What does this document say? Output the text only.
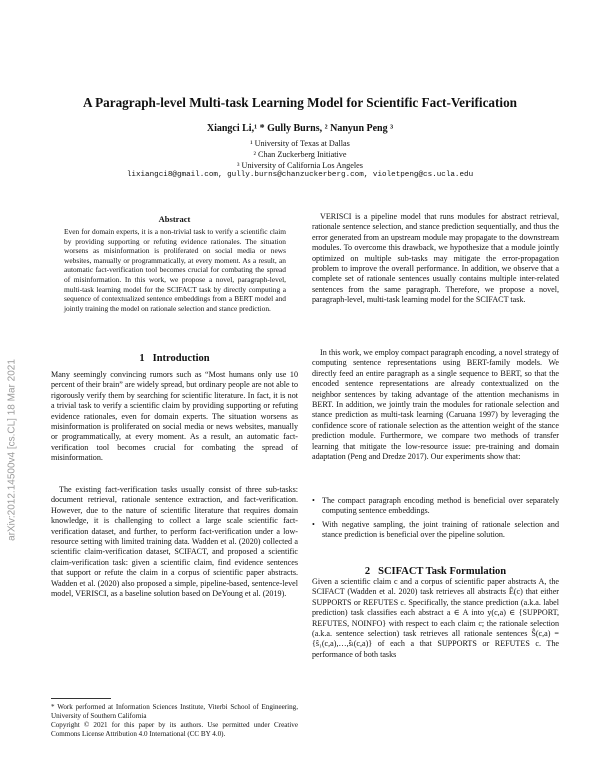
A Paragraph-level Multi-task Learning Model for Scientific Fact-Verification
Xiangci Li,¹ * Gully Burns, ² Nanyun Peng ³
¹ University of Texas at Dallas
² Chan Zuckerberg Initiative
³ University of California Los Angeles
lixiangci8@gmail.com, gully.burns@chanzuckerberg.com, violetpeng@cs.ucla.edu
arXiv:2012.14500v4 [cs.CL] 18 Mar 2021
Abstract

Even for domain experts, it is a non-trivial task to verify a scientific claim by providing supporting or refuting evidence rationales. The situation worsens as misinformation is proliferated on social media or news websites, manually or programmatically, at every moment. As a result, an automatic fact-verification tool becomes crucial for combating the spread of misinformation. In this work, we propose a novel, paragraph-level, multi-task learning model for the SCIFACT task by directly computing a sequence of contextualized sentence embeddings from a BERT model and jointly training the model on rationale selection and stance prediction.

1 Introduction

Many seemingly convincing rumors such as “Most humans only use 10 percent of their brain” are widely spread, but ordinary people are not able to rigorously verify them by searching for scientific literature. In fact, it is not a trivial task to verify a scientific claim by providing supporting or refuting evidence rationales, even for domain experts. The situation worsens as misinformation is proliferated on social media or news websites, manually or programmatically, at every moment. As a result, an automatic fact-verification tool becomes crucial for combating the spread of misinformation.

The existing fact-verification tasks usually consist of three sub-tasks: document retrieval, rationale sentence extraction, and fact-verification. However, due to the nature of scientific literature that requires domain knowledge, it is challenging to collect a large scale scientific fact-verification dataset, and further, to perform fact-verification under a low-resource setting with limited training data. Wadden et al. (2020) collected a scientific claim-verification dataset, SCIFACT, and proposed a scientific claim-verification task: given a scientific claim, find evidence sentences that support or refute the claim in a corpus of scientific paper abstracts. Wadden et al. (2020) also proposed a simple, pipeline-based, sentence-level model, VERISCI, as a baseline solution based on DeYoung et al. (2019).

VERISCI is a pipeline model that runs modules for abstract retrieval, rationale sentence selection, and stance prediction sequentially, and thus the error generated from an upstream module may propagate to the downstream modules. To overcome this drawback, we hypothesize that a module jointly optimized on multiple sub-tasks may mitigate the error-propagation problem to improve the overall performance. In addition, we observe that a complete set of rationale sentences usually contains multiple inter-related sentences from the same paragraph. Therefore, we propose a novel, paragraph-level, multi-task learning model for the SCIFACT task.

In this work, we employ compact paragraph encoding, a novel strategy of computing sentence representations using BERT-family models. We directly feed an entire paragraph as a single sequence to BERT, so that the encoded sentence representations are already contextualized on the neighbor sentences by taking advantage of the attention mechanisms in BERT. In addition, we jointly train the modules for rationale selection and stance prediction as multi-task learning (Caruana 1997) by leveraging the confidence score of rationale selection as the attention weight of the stance prediction module. Furthermore, we compare two methods of transfer learning that mitigate the low-resource issue: pre-training and domain adaptation (Peng and Dredze 2017). Our experiments show that:

• The compact paragraph encoding method is beneficial over separately computing sentence embeddings.
• With negative sampling, the joint training of rationale selection and stance prediction is beneficial over the pipeline solution.
2 SCIFACT Task Formulation

Given a scientific claim c and a corpus of scientific paper abstracts A, the SCIFACT (Wadden et al. 2020) task retrieves all abstracts Ê(c) that either SUPPORTS or REFUTES c. Specifically, the stance prediction (a.k.a. label prediction) task classifies each abstract a ∈ A into y(c,a) ∈ {SUPPORT, REFUTES, NOINFO} with respect to each claim c; the rationale selection (a.k.a. sentence selection) task retrieves all rationale sentences Ŝ(c,a) = {ŝ₁(c,a),…,ŝₗ(c,a)} of each a that SUPPORTS or REFUTES c. The performance of both tasks

* Work performed at Information Sciences Institute, Viterbi School of Engineering, University of Southern California

Copyright © 2021 for this paper by its authors. Use permitted under Creative Commons License Attribution 4.0 International (CC BY 4.0).
